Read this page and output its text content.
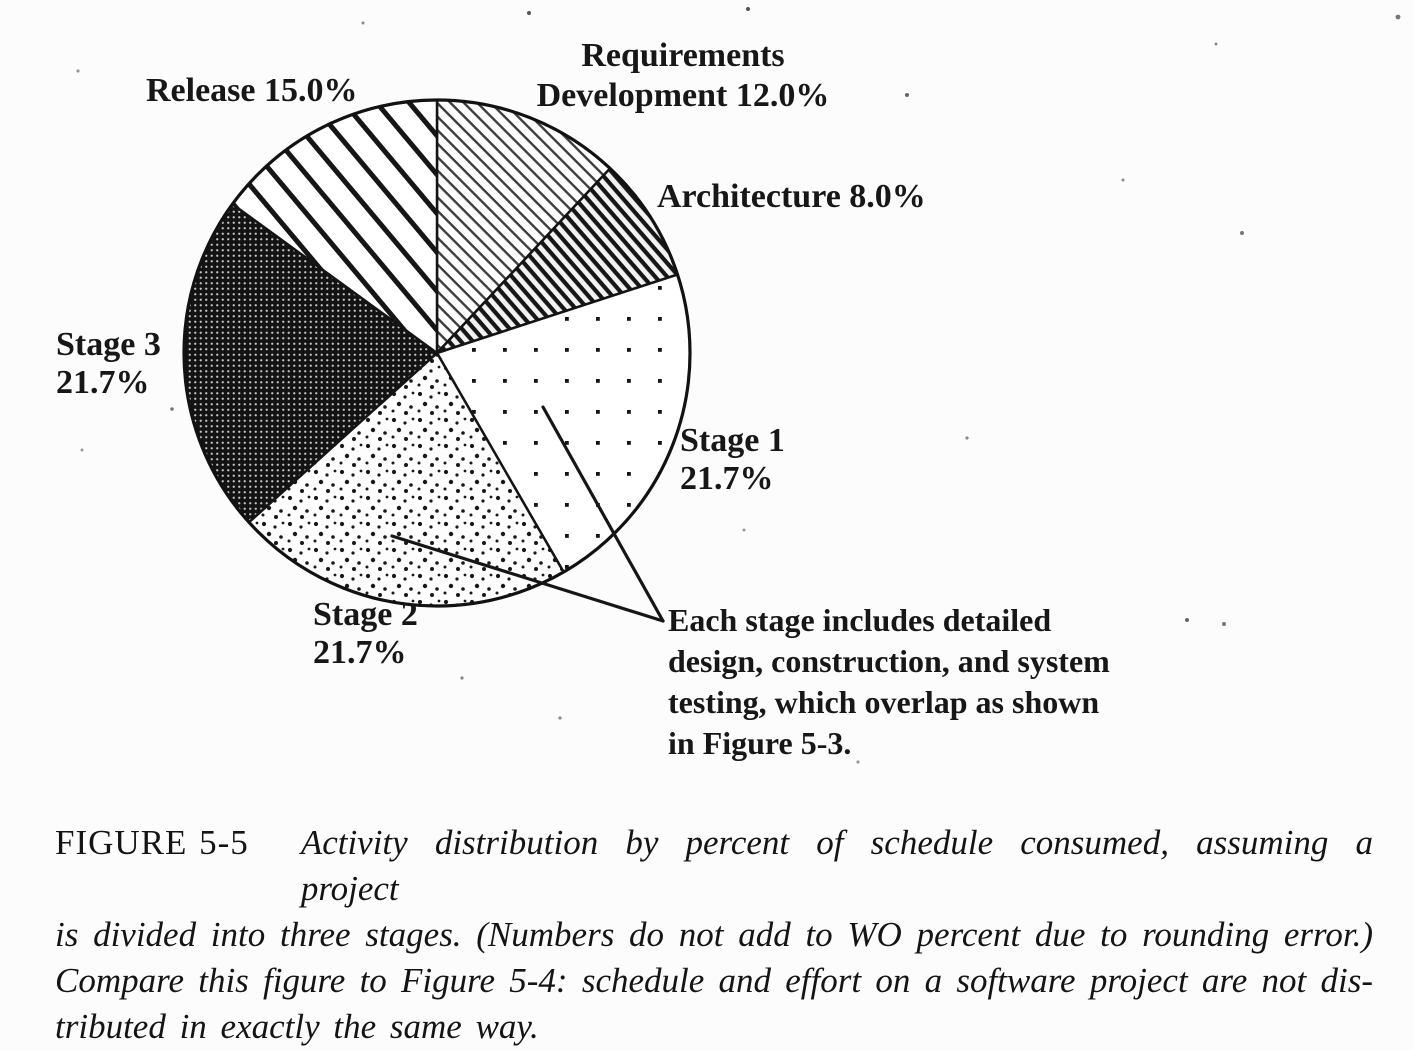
Requirements
Development 12.0%
Architecture 8.0%
Release 15.0%
Stage 1
21.7%
Stage 2
21.7%
Stage 3
21.7%
Each stage includes detailed
design, construction, and system
testing, which overlap as shown
in Figure 5-3.
FIGURE 5-5 Activity distribution by percent of schedule consumed, assuming a project
is divided into three stages. (Numbers do not add to WO percent due to rounding error.)
Compare this figure to Figure 5-4: schedule and effort on a software project are not dis-
tributed in exactly the same way.
